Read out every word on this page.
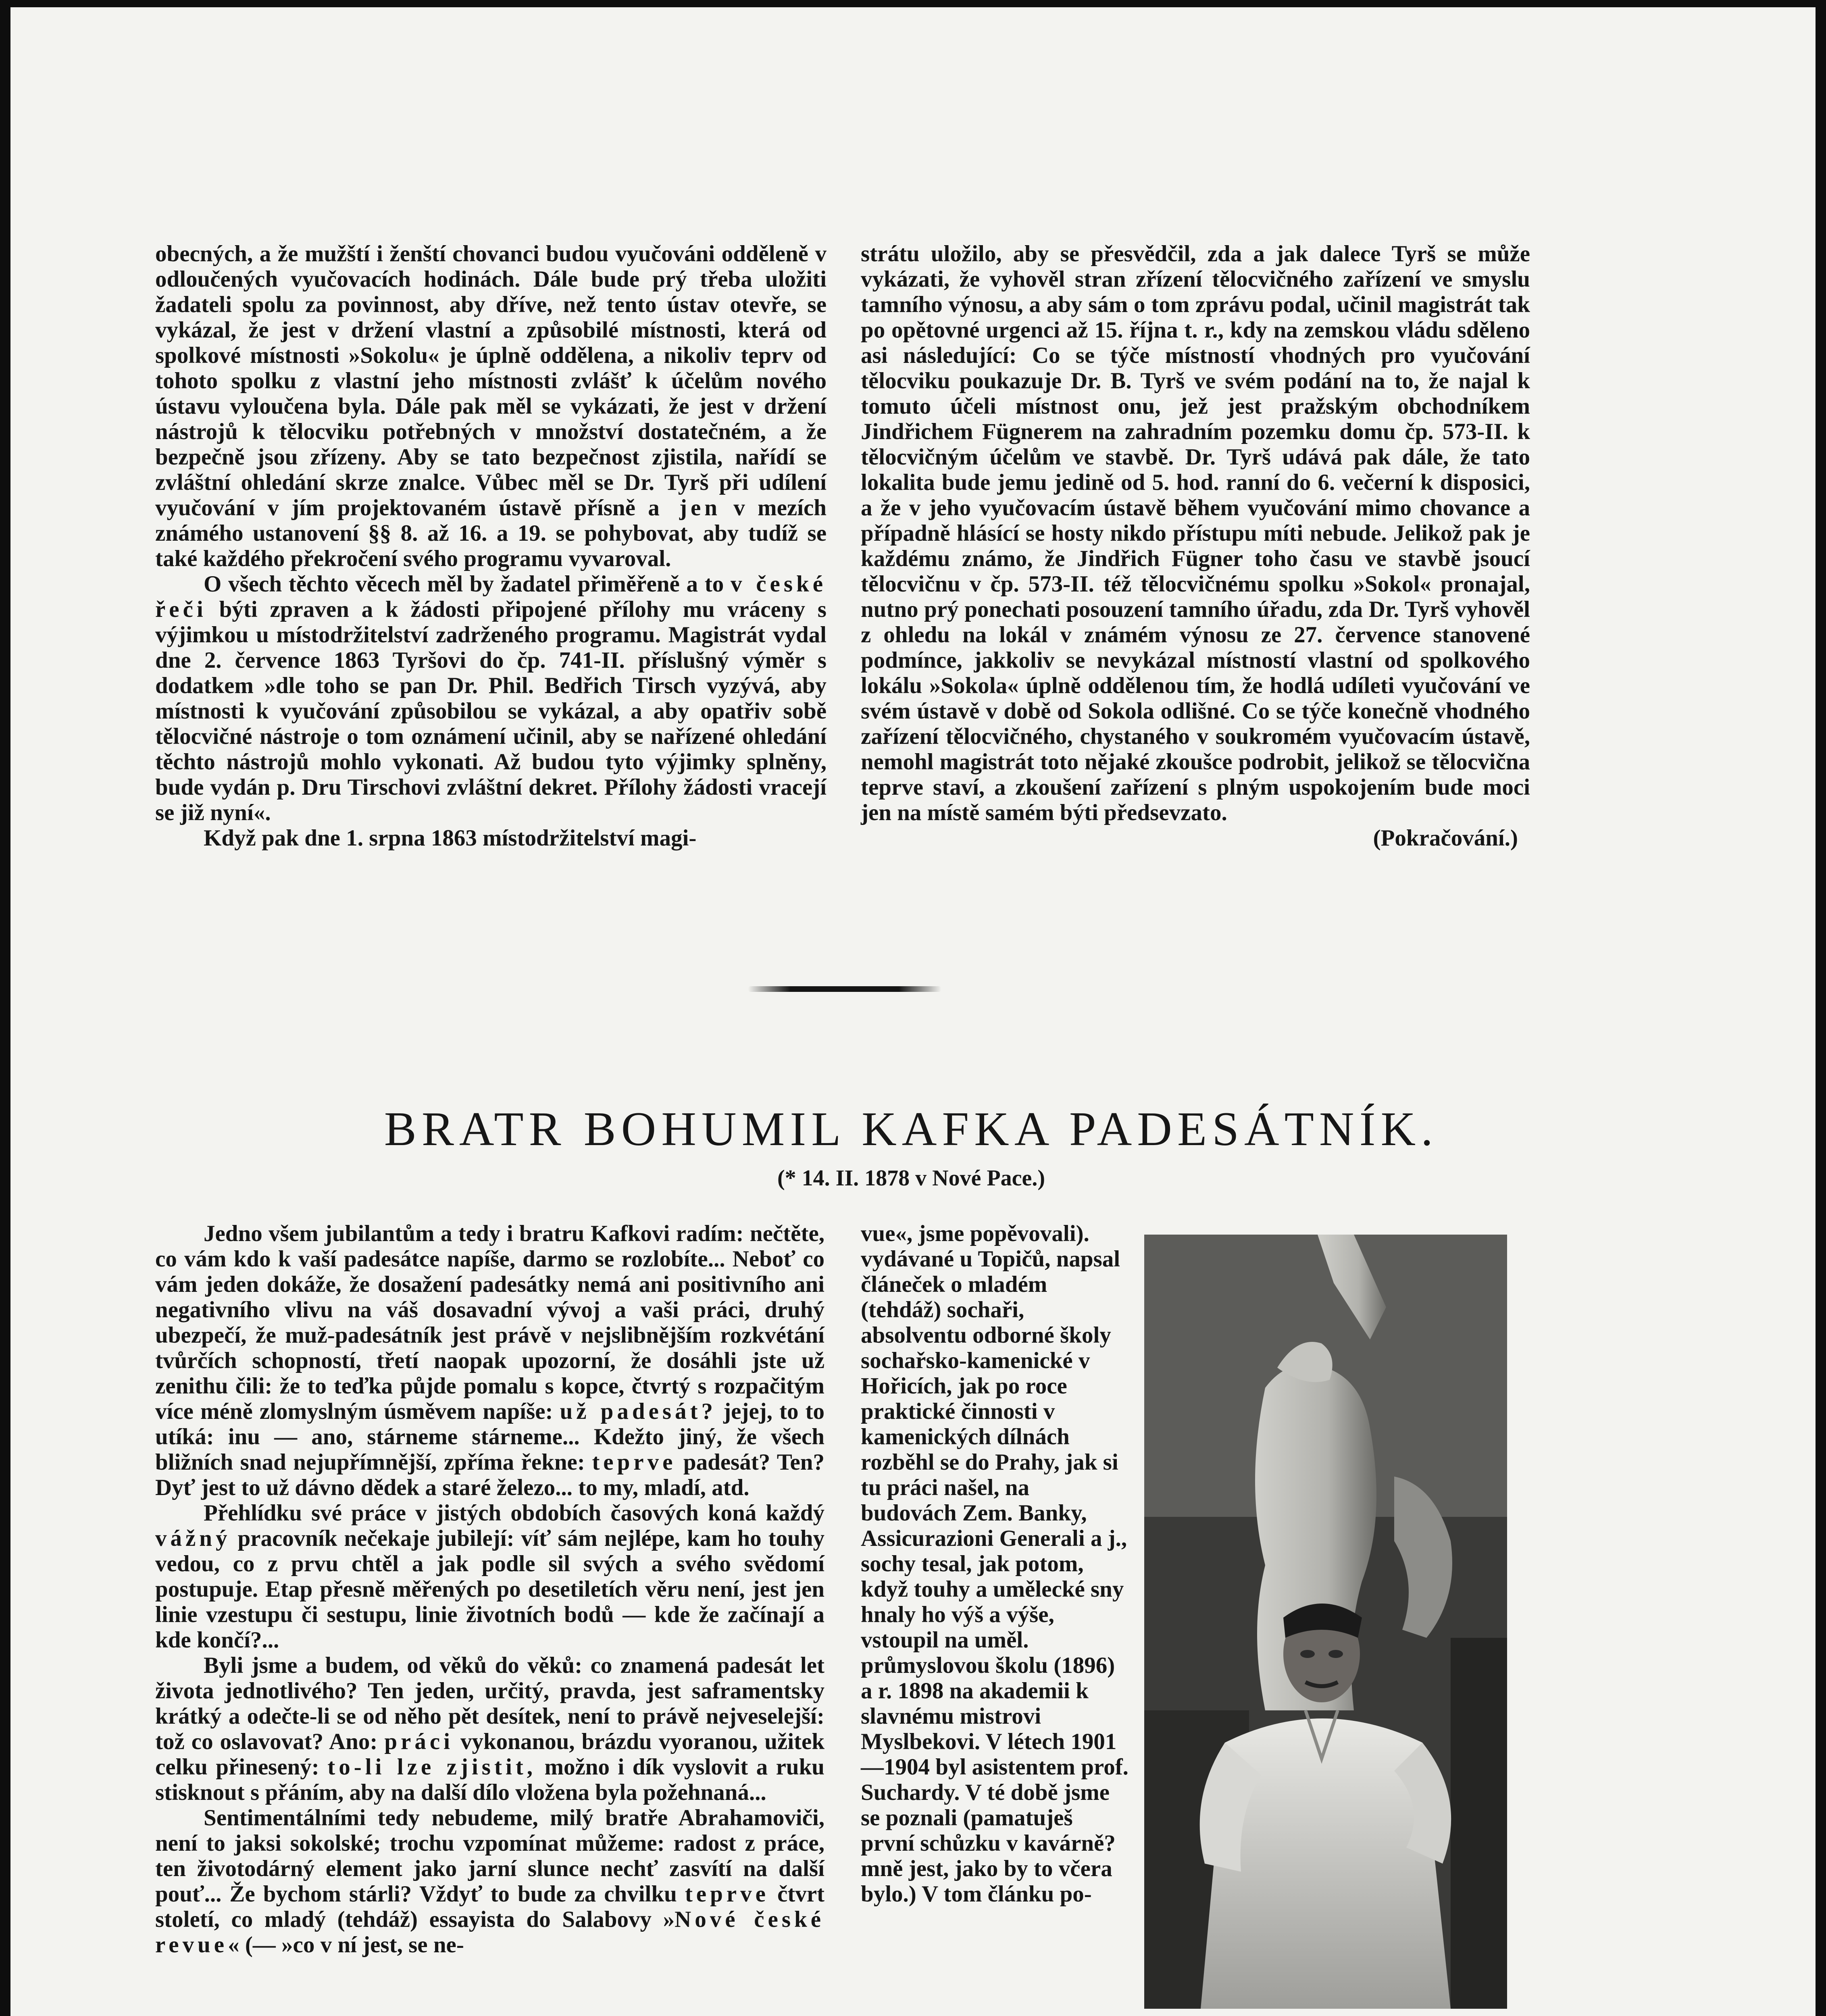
obecných, a že mužští i ženští chovanci budou vyučováni odděleně v odloučených vyučovacích hodinách. Dále bude prý třeba uložiti žadateli spolu za povinnost, aby dříve, než tento ústav otevře, se vykázal, že jest v držení vlastní a způsobilé místnosti, která od spolkové místnosti »Sokolu« je úplně oddělena, a nikoliv teprv od tohoto spolku z vlastní jeho místnosti zvlášť k účelům nového ústavu vyloučena byla. Dále pak měl se vykázati, že jest v držení nástrojů k tělocviku potřebných v množství dostatečném, a že bezpečně jsou zřízeny. Aby se tato bezpečnost zjistila, nařídí se zvláštní ohledání skrze znalce. Vůbec měl se Dr. Tyrš při udílení vyučování v jím projektovaném ústavě přísně a jen v mezích známého ustanovení §§ 8. až 16. a 19. se pohybovat, aby tudíž se také každého překročení svého programu vyvaroval.

O všech těchto věcech měl by žadatel přiměřeně a to v české řeči býti zpraven a k žádosti připojené přílohy mu vráceny s výjimkou u místodržitelství zadrženého programu. Magistrát vydal dne 2. července 1863 Tyršovi do čp. 741-II. příslušný výměr s dodatkem »dle toho se pan Dr. Phil. Bedřich Tirsch vyzývá, aby místnosti k vyučování způsobilou se vykázal, a aby opatřiv sobě tělocvičné nástroje o tom oznámení učinil, aby se nařízené ohledání těchto nástrojů mohlo vykonati. Až budou tyto výjimky splněny, bude vydán p. Dru Tirschovi zvláštní dekret. Přílohy žádosti vracejí se již nyní«.

Když pak dne 1. srpna 1863 místodržitelství magi-

strátu uložilo, aby se přesvědčil, zda a jak dalece Tyrš se může vykázati, že vyhověl stran zřízení tělocvičného zařízení ve smyslu tamního výnosu, a aby sám o tom zprávu podal, učinil magistrát tak po opětovné urgenci až 15. října t. r., kdy na zemskou vládu sděleno asi následující: Co se týče místností vhodných pro vyučování tělocviku poukazuje Dr. B. Tyrš ve svém podání na to, že najal k tomuto účeli místnost onu, jež jest pražským obchodníkem Jindřichem Fügnerem na zahradním pozemku domu čp. 573-II. k tělocvičným účelům ve stavbě. Dr. Tyrš udává pak dále, že tato lokalita bude jemu jedině od 5. hod. ranní do 6. večerní k disposici, a že v jeho vyučovacím ústavě během vyučování mimo chovance a případně hlásící se hosty nikdo přístupu míti nebude. Jelikož pak je každému známo, že Jindřich Fügner toho času ve stavbě jsoucí tělocvičnu v čp. 573-II. též tělocvičnému spolku »Sokol« pronajal, nutno prý ponechati posouzení tamního úřadu, zda Dr. Tyrš vyhověl z ohledu na lokál v známém výnosu ze 27. července stanovené podmínce, jakkoliv se nevykázal místností vlastní od spolkového lokálu »Sokola« úplně oddělenou tím, že hodlá udíleti vyučování ve svém ústavě v době od Sokola odlišné. Co se týče konečně vhodného zařízení tělocvičného, chystaného v soukromém vyučovacím ústavě, nemohl magistrát toto nějaké zkoušce podrobit, jelikož se tělocvična teprve staví, a zkoušení zařízení s plným uspokojením bude moci jen na místě samém býti předsevzato.

(Pokračování.)

BRATR BOHUMIL KAFKA PADESÁTNÍK.
(* 14. II. 1878 v Nové Pace.)

Jedno všem jubilantům a tedy i bratru Kafkovi radím: nečtěte, co vám kdo k vaší padesátce napíše, darmo se rozlobíte... Neboť co vám jeden dokáže, že dosažení padesátky nemá ani positivního ani negativního vlivu na váš dosavadní vývoj a vaši práci, druhý ubezpečí, že muž-padesátník jest právě v nejslibnějším rozkvétání tvůrčích schopností, třetí naopak upozorní, že dosáhli jste už zenithu čili: že to teďka půjde pomalu s kopce, čtvrtý s rozpačitým více méně zlomyslným úsměvem napíše: už padesát? jejej, to to utíká: inu — ano, stárneme stárneme... Kdežto jiný, že všech bližních snad nejupřímnější, zpříma řekne: teprve padesát? Ten? Dyť jest to už dávno dědek a staré železo... to my, mladí, atd.

Přehlídku své práce v jistých obdobích časových koná každý vážný pracovník nečekaje jubilejí: víť sám nejlépe, kam ho touhy vedou, co z prvu chtěl a jak podle sil svých a svého svědomí postupuje. Etap přesně měřených po desetiletích věru není, jest jen linie vzestupu či sestupu, linie životních bodů — kde že začínají a kde končí?...

Byli jsme a budem, od věků do věků: co znamená padesát let života jednotlivého? Ten jeden, určitý, pravda, jest saframentsky krátký a odečte-li se od něho pět desítek, není to právě nejveselejší: tož co oslavovat? Ano: práci vykonanou, brázdu vyoranou, užitek celku přinesený: to-li lze zjistit, možno i dík vyslovit a ruku stisknout s přáním, aby na další dílo vložena byla požehnaná...

Sentimentálními tedy nebudeme, milý bratře Abrahamoviči, není to jaksi sokolské; trochu vzpomínat můžeme: radost z práce, ten životodárný element jako jarní slunce nechť zasvítí na další pouť... Že bychom stárli? Vždyť to bude za chvilku teprve čtvrt století, co mladý (tehdáž) essayista do Salabovy »Nové české revue« (— »co v ní jest, se ne-

vue«, jsme popěvovali). vydávané u Topičů, napsal článeček o mladém (tehdáž) sochaři, absolventu odborné školy sochařsko-kamenické v Hořicích, jak po roce praktické činnosti v kamenických dílnách rozběhl se do Prahy, jak si tu práci našel, na budovách Zem. Banky, Assicurazioni Generali a j., sochy tesal, jak potom, když touhy a umělecké sny hnaly ho výš a výše, vstoupil na uměl. průmyslovou školu (1896) a r. 1898 na akademii k slavnému mistrovi Myslbekovi. V létech 1901—1904 byl asistentem prof. Suchardy. V té době jsme se poznali (pamatuješ první schůzku v kavárně? mně jest, jako by to včera bylo.) V tom článku po-
